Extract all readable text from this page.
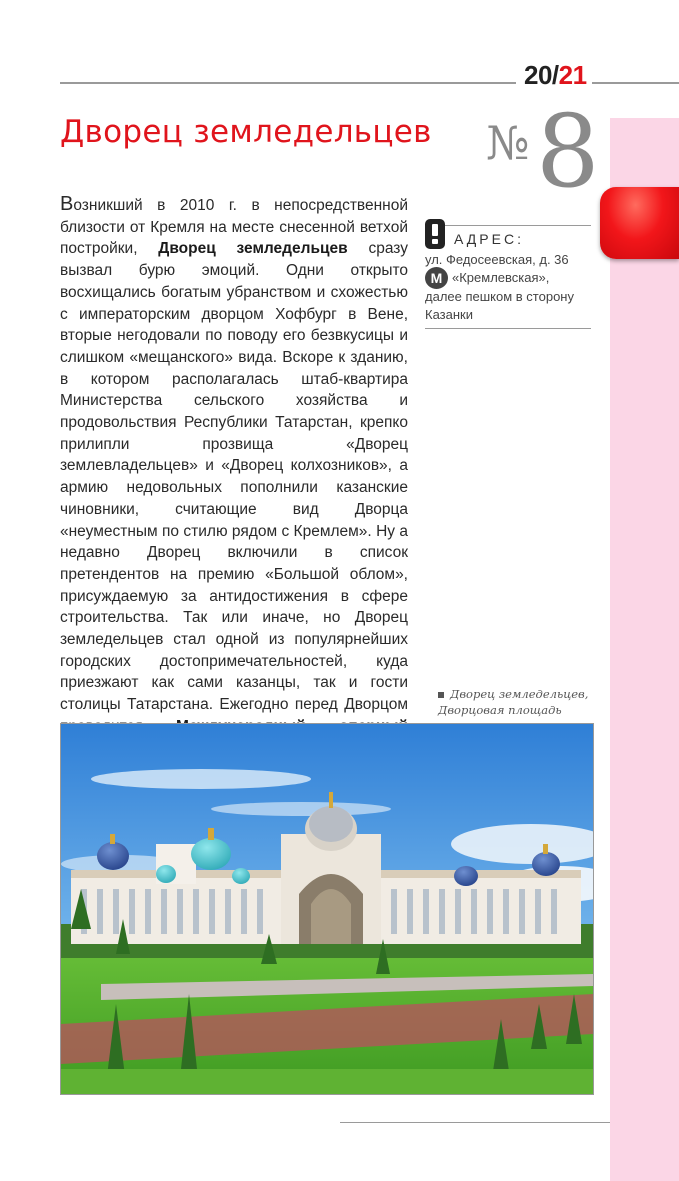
20/21
Дворец земледельцев № 8
Возникший в 2010 г. в непосредственной близости от Кремля на месте снесенной ветхой постройки, Дворец земледельцев сразу вызвал бурю эмоций. Одни открыто восхищались богатым убранством и схожестью с императорским дворцом Хофбург в Вене, вторые негодовали по поводу его безвкусицы и слишком «мещанского» вида. Вскоре к зданию, в котором располагалась штаб-квартира Министерства сельского хозяйства и продовольствия Республики Татарстан, крепко прилипли прозвища «Дворец землевладельцев» и «Дворец колхозников», а армию недовольных пополнили казанские чиновники, считающие вид Дворца «неуместным по стилю рядом с Кремлем». Ну а недавно Дворец включили в список претендентов на премию «Большой облом», присуждаемую за антидостижения в сфере строительства. Так или иначе, но Дворец земледельцев стал одной из популярнейших городских достопримечательностей, куда приезжают как сами казанцы, так и гости столицы Татарстана. Ежегодно перед Дворцом
АДРЕС:
ул. Федосеевская, д. 36
М «Кремлевская»,
далее пешком в сторону
Казанки
Дворец земледельцев,
Дворцовая площадь
